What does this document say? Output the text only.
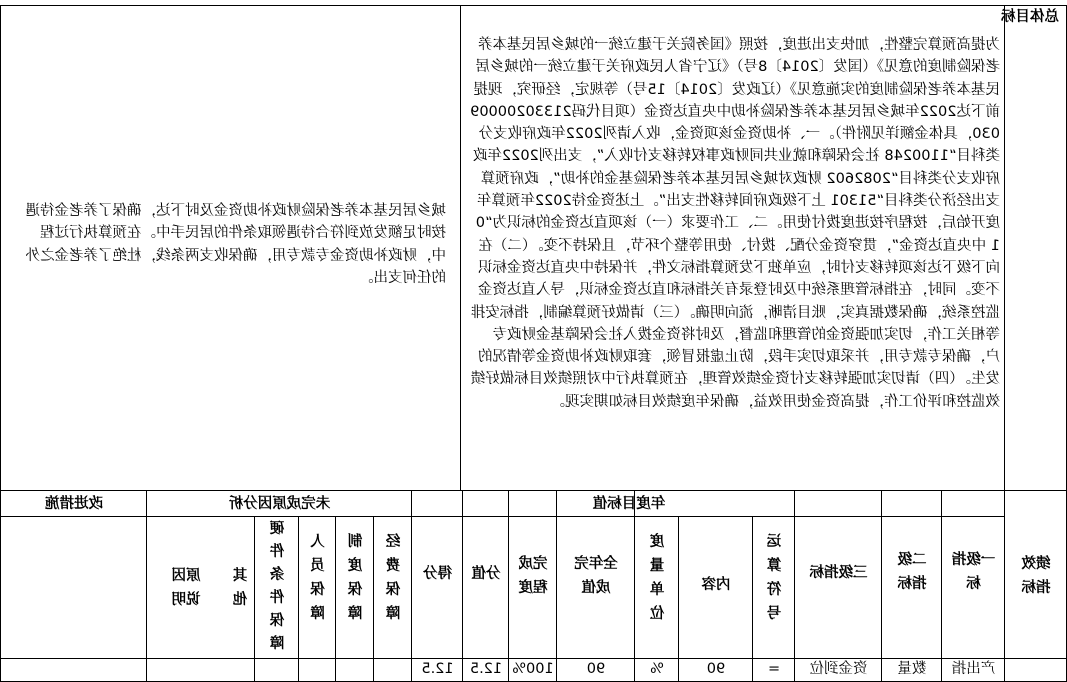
总体目标
为提高预算完整性，加快支出进度，按照《国务院关于建立统一的城乡居民基本养老保险制度的意见》（国发〔2014〕8号）《辽宁省人民政府关于建立统一的城乡居民基本养老保险制度的实施意见》（辽政发〔2014〕15号）等规定，经研究，现提前下达2022年城乡居民基本养老保险补助中央直达资金（项目代码21330200009030，具体金额详见附件）。一、补助资金该项资金，收入请列2022年政府收支分类科目“1100248 社会保障和就业共同财政事权转移支付收入”，支出列2022年政府收支分类科目“2082602 财政对城乡居民基本养老保险基金的补助”，政府预算支出经济分类科目“51301 上下级政府间转移性支出”。上述资金待2022年预算年度开始后，按程序按进度拨付使用。二、工作要求（一）该项直达资金的标识为“01 中央直达资金”，贯穿资金分配、拨付、使用等整个环节，且保持不变。（二）在向下级下达该项转移支付时，应单独下发预算指标文件，并保持中央直达资金标识不变。同时，在指标管理系统中及时登录有关指标和直达资金标识，导入直达资金监控系统，确保数据真实，账目清晰，流向明确。（三）请做好预算编制，指标安排等相关工作，切实加强资金的管理和监督，及时将资金拨入社会保障基金财政专户，确保专款专用，并采取切实手段，防止虚报冒领，套取财政补助资金等情况的发生。（四）请切实加强转移支付资金绩效管理，在预算执行中对照绩效目标做好绩效监控和评价工作，提高资金使用效益，确保年度绩效目标如期实现。
城乡居民基本养老保险财政补助资金及时下达，确保了养老金待遇按时足额发放到符合待遇领取条件的居民手中。在预算执行过程中，财政补助资金专款专用，确保收支两条线，杜绝了养老金之外的任何支出。
绩效指标
一级指标
二级指标
三级指标
年度目标值
运算符号
内容
度量单位
全年完成值
完成程度
分值
得分
未完成原因分析
经费保障
制度保障
人员保障
硬件条件保障
其他
原因说明
改进措施
产出指
数量
资金到位
=
90
%
90
100%
12.5
12.5
